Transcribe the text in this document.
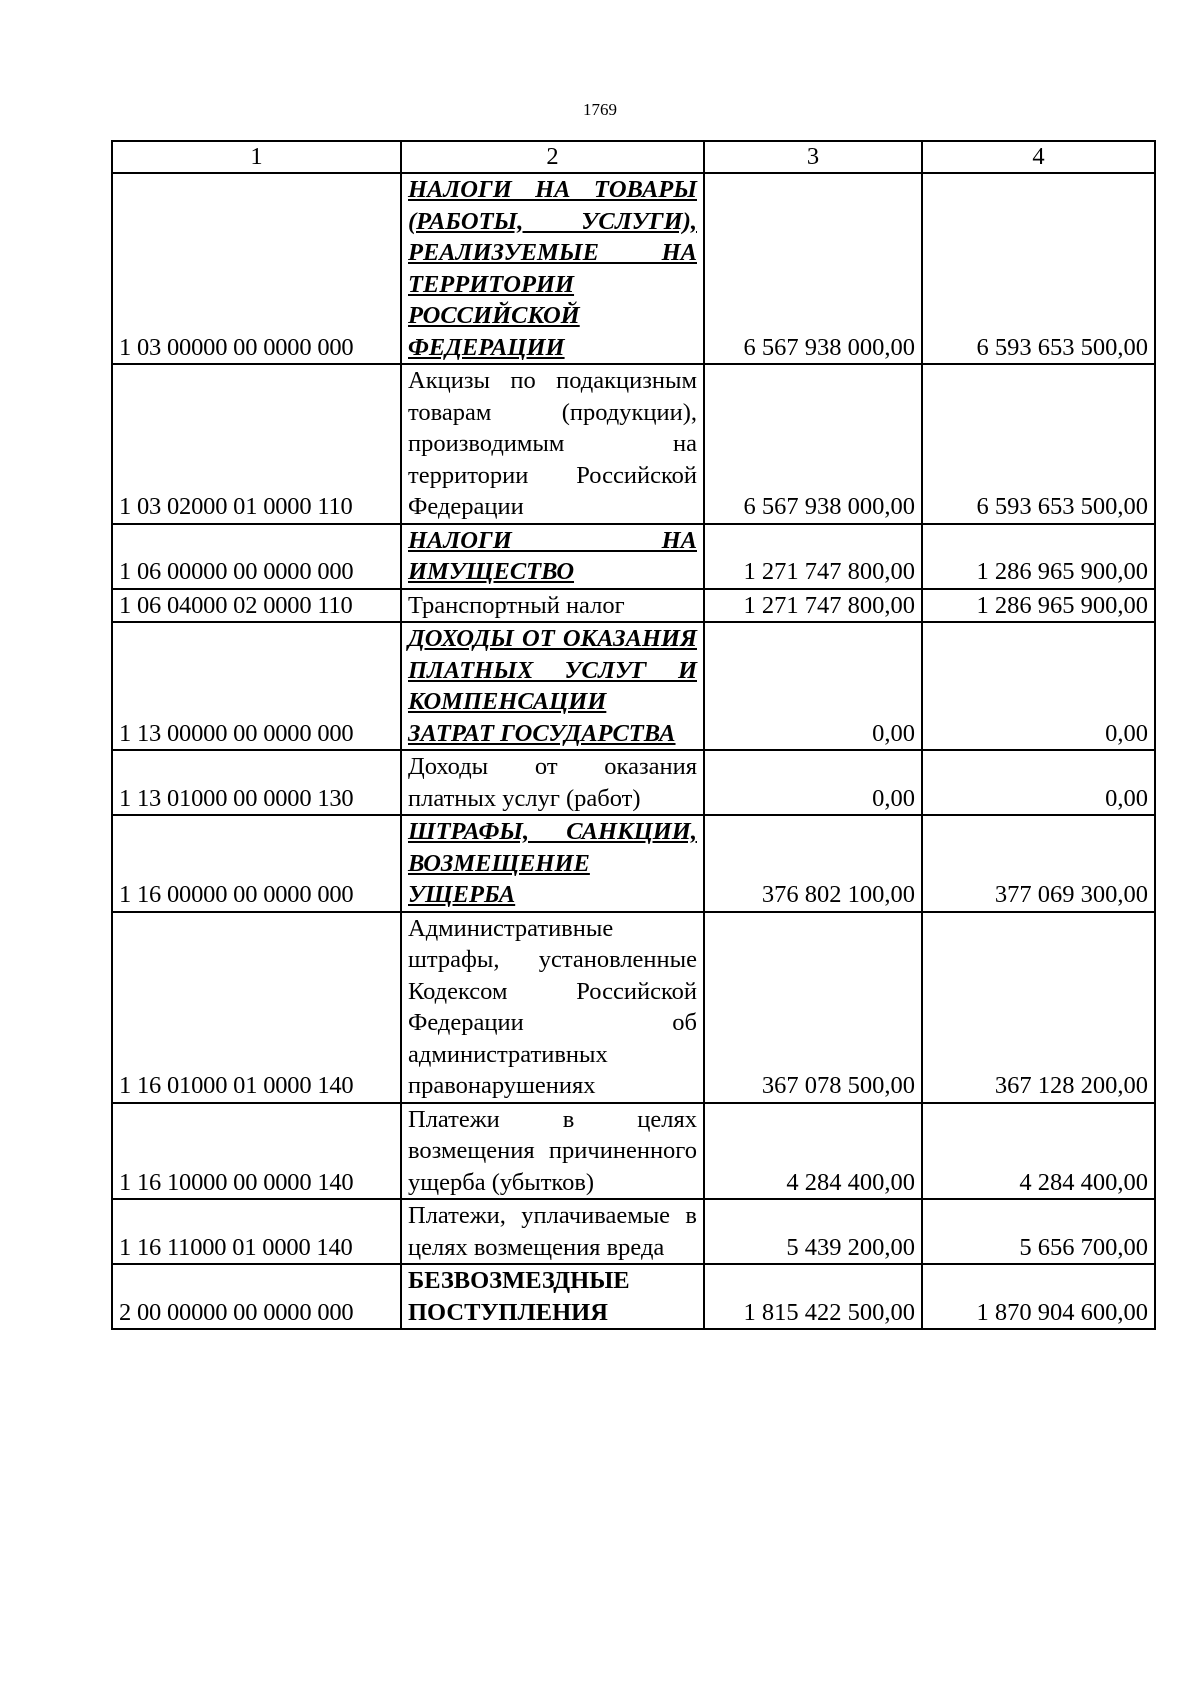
1769
1	2	3	4
1 03 00000 00 0000 000	НАЛОГИ НА ТОВАРЫ (РАБОТЫ, УСЛУГИ), РЕАЛИЗУЕМЫЕ НА ТЕРРИТОРИИ РОССИЙСКОЙ ФЕДЕРАЦИИ	6 567 938 000,00	6 593 653 500,00
1 03 02000 01 0000 110	Акцизы по подакцизным товарам (продукции), производимым на территории Российской Федерации	6 567 938 000,00	6 593 653 500,00
1 06 00000 00 0000 000	НАЛОГИ НА ИМУЩЕСТВО	1 271 747 800,00	1 286 965 900,00
1 06 04000 02 0000 110	Транспортный налог	1 271 747 800,00	1 286 965 900,00
1 13 00000 00 0000 000	ДОХОДЫ ОТ ОКАЗАНИЯ ПЛАТНЫХ УСЛУГ И КОМПЕНСАЦИИ ЗАТРАТ ГОСУДАРСТВА	0,00	0,00
1 13 01000 00 0000 130	Доходы от оказания платных услуг (работ)	0,00	0,00
1 16 00000 00 0000 000	ШТРАФЫ, САНКЦИИ, ВОЗМЕЩЕНИЕ УЩЕРБА	376 802 100,00	377 069 300,00
1 16 01000 01 0000 140	Административные штрафы, установленные Кодексом Российской Федерации об административных правонарушениях	367 078 500,00	367 128 200,00
1 16 10000 00 0000 140	Платежи в целях возмещения причиненного ущерба (убытков)	4 284 400,00	4 284 400,00
1 16 11000 01 0000 140	Платежи, уплачиваемые в целях возмещения вреда	5 439 200,00	5 656 700,00
2 00 00000 00 0000 000	БЕЗВОЗМЕЗДНЫЕ ПОСТУПЛЕНИЯ	1 815 422 500,00	1 870 904 600,00
